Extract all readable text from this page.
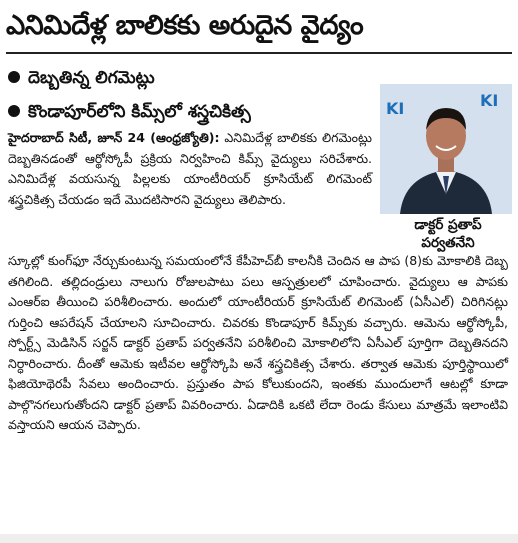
ఎనిమిదేళ్ల బాలికకు అరుదైన వైద్యం
దెబ్బతిన్న లిగమెట్లు
కొండాపూర్‌లోని కిమ్స్‌లో శస్త్రచికిత్స
హైదరాబాద్ సిటీ, జూన్ 24 (ఆంధ్రజ్యోతి): ఎనిమిదేళ్ల బాలికకు లిగమెంట్లు దెబ్బతినడంతో ఆర్థోస్కోపీ ప్రక్రియ నిర్వహించి కిమ్స్ వైద్యులు సరిచేశారు. ఎనిమిదేళ్ల వయసున్న పిల్లలకు యాంటీరియర్ క్రూసియేట్ లిగమెంట్ శస్త్రచికిత్స చేయడం ఇదే మొదటిసారని వైద్యులు తెలిపారు.
స్కూల్లో కుంగ్‌ఫూ నేర్చుకుంటున్న సమయంలోనే కేపీహెచ్‌బీ కాలనీకి చెందిన ఆ పాప (8)కు మోకాలికి దెబ్బ తగిలింది. తల్లిదండ్రులు నాలుగు రోజులపాటు పలు ఆస్పత్రులలో చూపించారు. వైద్యులు ఆ పాపకు ఎంఆర్ఐ తీయించి పరిశీలించారు. అందులో యాంటీరియర్ క్రూసియేట్ లిగమెంట్ (ఏసీఎల్) చిరిగినట్లు గుర్తించి ఆపరేషన్ చేయాలని సూచించారు. చివరకు కొండాపూర్ కిమ్స్‌కు వచ్చారు. ఆమెను ఆర్థోస్కోపీ, స్పోర్ట్స్ మెడిసిన్ సర్జన్ డాక్టర్ ప్రతాప్ పర్వతనేని పరిశీలించి మోకాలిలోని ఏసీఎల్ పూర్తిగా దెబ్బతినదని నిర్ధారించారు. దీంతో ఆమెకు ఇటీవల ఆర్థోస్కోపి అనే శస్త్రచికిత్స చేశారు. తర్వాత ఆమెకు పూర్తిస్థాయిలో ఫిజియోథెరపీ సేవలు అందించారు. ప్రస్తుతం పాప కోలుకుందని, ఇంతకు ముందులాగే ఆటల్లో కూడా పాల్గొనగలుగుతోందని డాక్టర్ ప్రతాప్ వివరించారు. ఏడాదికి ఒకటి లేదా రెండు కేసులు మాత్రమే ఇలాంటివి వస్తాయని ఆయన చెప్పారు.
KI	KI
డాక్టర్ ప్రతాప్
పర్వతనేని
